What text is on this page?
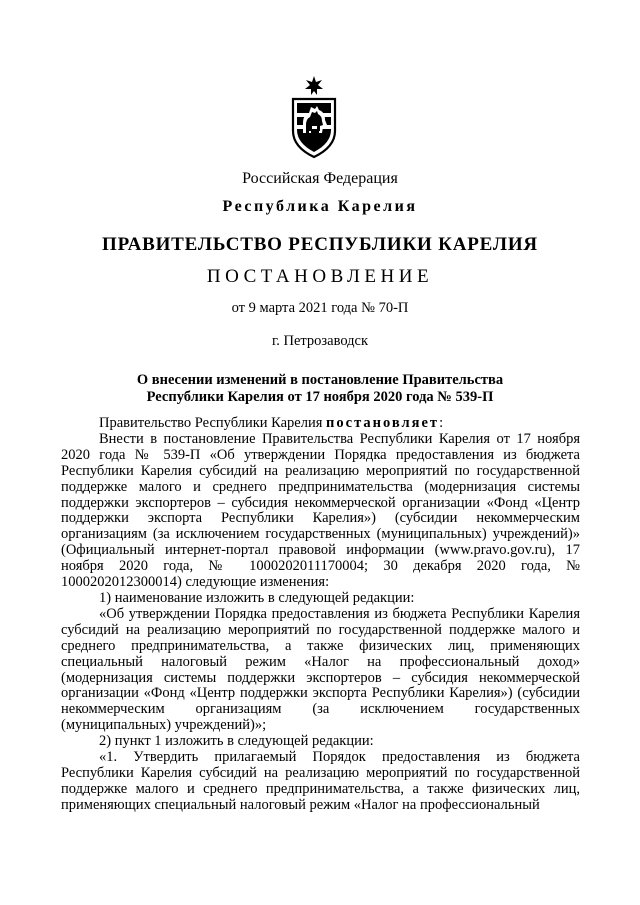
Российская Федерация
Республика Карелия
ПРАВИТЕЛЬСТВО РЕСПУБЛИКИ КАРЕЛИЯ
ПОСТАНОВЛЕНИЕ
от 9 марта 2021 года № 70-П
г. Петрозаводск
О внесении изменений в постановление Правительства
Республики Карелия от 17 ноября 2020 года № 539-П

Правительство Республики Карелия постановляет:

Внести в постановление Правительства Республики Карелия от 17 ноября 2020 года № 539-П «Об утверждении Порядка предоставления из бюджета Республики Карелия субсидий на реализацию мероприятий по государственной поддержке малого и среднего предпринимательства (модернизация системы поддержки экспортеров – субсидия некоммерческой организации «Фонд «Центр поддержки экспорта Республики Карелия») (субсидии некоммерческим организациям (за исключением государственных (муниципальных) учреждений)» (Официальный интернет-портал правовой информации (www.pravo.gov.ru), 17 ноября 2020 года, № 1000202011170004; 30 декабря 2020 года, № 1000202012300014) следующие изменения:

1) наименование изложить в следующей редакции:

«Об утверждении Порядка предоставления из бюджета Республики Карелия субсидий на реализацию мероприятий по государственной поддержке малого и среднего предпринимательства, а также физических лиц, применяющих специальный налоговый режим «Налог на профессиональный доход» (модернизация системы поддержки экспортеров – субсидия некоммерческой организации «Фонд «Центр поддержки экспорта Республики Карелия») (субсидии некоммерческим организациям (за исключением государственных (муниципальных) учреждений)»;

2) пункт 1 изложить в следующей редакции:

«1. Утвердить прилагаемый Порядок предоставления из бюджета Республики Карелия субсидий на реализацию мероприятий по государственной поддержке малого и среднего предпринимательства, а также физических лиц, применяющих специальный налоговый режим «Налог на профессиональный
